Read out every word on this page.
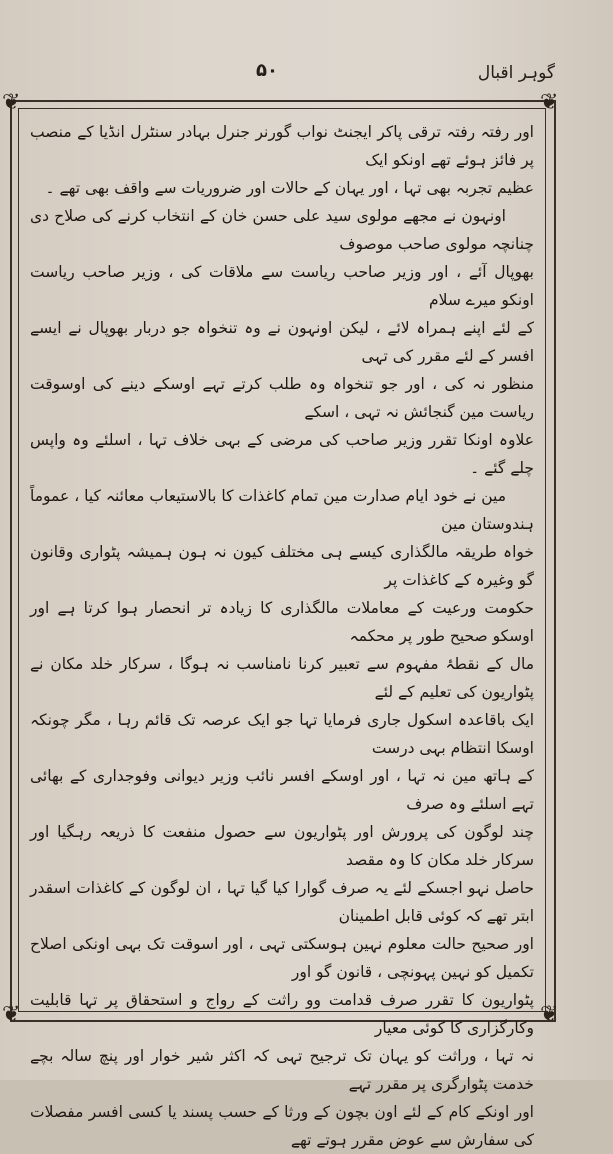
گوہر اقبال
۵۰
❦	❦
❦	❦

اور رفتہ رفتہ ترقی پاکر ایجنٹ نواب گورنر جنرل بہادر سنٹرل انڈیا کے منصب پر فائز ہوئے تھے اونکو ایک

عظیم تجربہ بھی تہا ، اور یہان کے حالات اور ضروریات سے واقف بھی تھے ۔

اونہون نے مجھے مولوی سید علی حسن خان کے انتخاب کرنے کی صلاح دی چنانچہ مولوی صاحب موصوف

بھوپال آئے ، اور وزیر صاحب ریاست سے ملاقات کی ، وزیر صاحب ریاست اونکو میرے سلام

کے لئے اپنے ہمراہ لائے ، لیکن اونہون نے وہ تنخواہ جو دربار بھوپال نے ایسے افسر کے لئے مقرر کی تہی

منظور نہ کی ، اور جو تنخواہ وہ طلب کرتے تہے اوسکے دینے کی اوسوقت ریاست مین گنجائش نہ تہی ، اسکے

علاوہ اونکا تقرر وزیر صاحب کی مرضی کے بہی خلاف تہا ، اسلئے وہ واپس چلے گئے ۔

مین نے خود ایام صدارت مین تمام کاغذات کا بالاستیعاب معائنہ کیا ، عموماً ہندوستان مین

خواہ طریقہ مالگذاری کیسے ہی مختلف کیون نہ ہون ہمیشہ پٹواری وقانون گو وغیرہ کے کاغذات پر

حکومت ورعیت کے معاملات مالگذاری کا زیادہ تر انحصار ہوا کرتا ہے اور اوسکو صحیح طور پر محکمہ

مال کے نقطۂ مفہوم سے تعبیر کرنا نامناسب نہ ہوگا ، سرکار خلد مکان نے پٹواریون کی تعلیم کے لئے

ایک باقاعدہ اسکول جاری فرمایا تہا جو ایک عرصہ تک قائم رہا ، مگر چونکہ اوسکا انتظام بہی درست

کے ہاتھ مین نہ تہا ، اور اوسکے افسر نائب وزیر دیوانی وفوجداری کے بھائی تہے اسلئے وہ صرف

چند لوگون کی پرورش اور پٹواریون سے حصول منفعت کا ذریعہ رہگیا اور سرکار خلد مکان کا وہ مقصد

حاصل نہو اجسکے لئے یہ صرف گوارا کیا گیا تہا ، ان لوگون کے کاغذات اسقدر ابتر تھے کہ کوئی قابل اطمینان

اور صحیح حالت معلوم نہین ہوسکتی تہی ، اور اسوقت تک بہی اونکی اصلاح تکمیل کو نہین پہونچی ، قانون گو اور

پٹواریون کا تقرر صرف قدامت وو راثت کے رواج و استحقاق پر تہا قابلیت وکارگزاری کا کوئی معیار

نہ تہا ، وراثت کو یہان تک ترجیح تہی کہ اکثر شیر خوار اور پنچ سالہ بچے خدمت پٹوارگری پر مقرر تہے

اور اونکے کام کے لئے اون بچون کے ورثا کے حسب پسند یا کسی افسر مفصلات کی سفارش سے عوض مقرر ہوتے تھے
